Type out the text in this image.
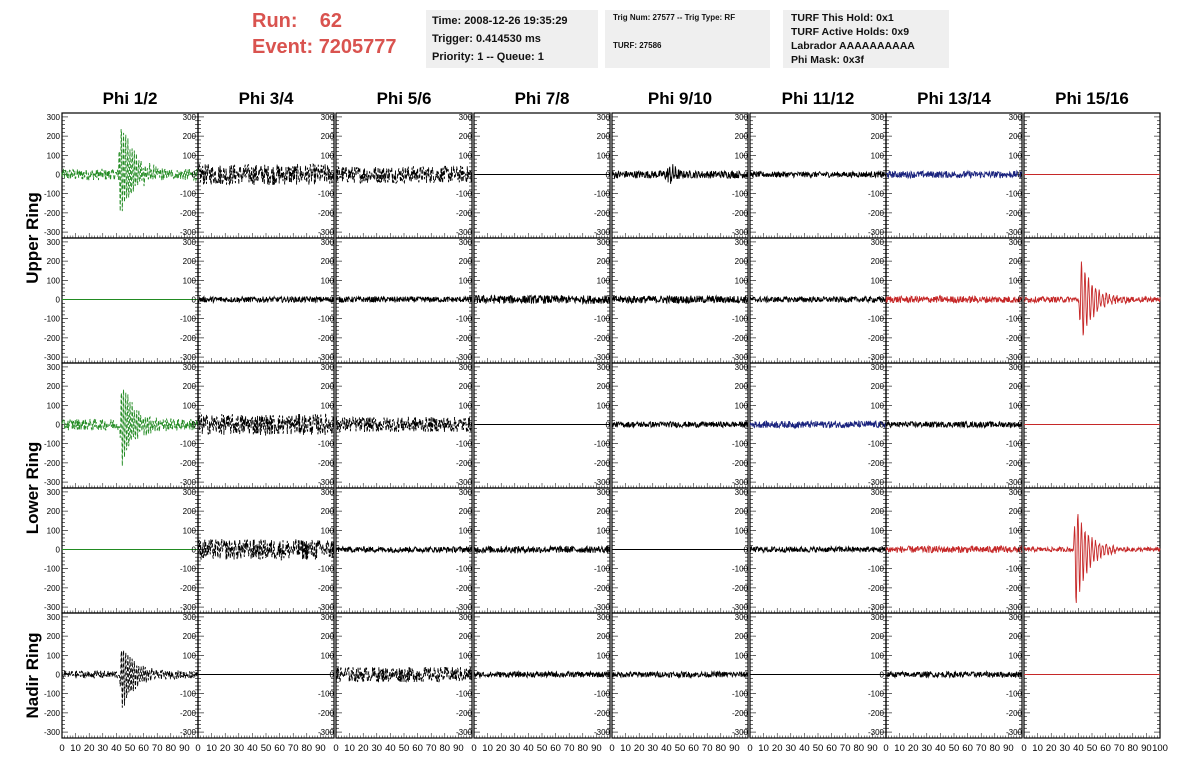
Run: 62
Event: 7205777
Time: 2008-12-26 19:35:29
Trigger: 0.414530 ms
Priority: 1 -- Queue: 1
Trig Num: 27577 -- Trig Type: RF
TURF: 27586
TURF This Hold: 0x1
TURF Active Holds: 0x9
Labrador AAAAAAAAAA
Phi Mask: 0x3f
Phi 1/2	Phi 3/4	Phi 5/6	Phi 7/8	Phi 9/10	Phi 11/12	Phi 13/14	Phi 15/16
Upper Ring
Lower Ring
Nadir Ring
300
200
100
0
-100
-200
-300
300
200
100
0
-100
-200
-300
300
200
100
0
-100
-200
-300
300
200
100
0
-100
-200
-300
300
200
100
0
-100
-200
-300
300
200
100
0
-100
-200
-300
300
200
100
0
-100
-200
-300
300
200
100
0
-100
-200
-300
300
200
100
0
-100
-200
-300
300
200
100
0
-100
-200
-300
300
200
100
0
-100
-200
-300
300
200
100
0
-100
-200
-300
300
200
100
0
-100
-200
-300
300
200
100
0
-100
-200
-300
300
200
100
0
-100
-200
-300
300
200
100
0
-100
-200
-300
300
200
100
0
-100
-200
-300
300
200
100
0
-100
-200
-300
300
200
100
0
-100
-200
-300
300
200
100
0
-100
-200
-300
300
200
100
0
-100
-200
-300
300
200
100
0
-100
-200
-300
300
200
100
0
-100
-200
-300
300
200
100
0
-100
-200
-300
300
200
100
0
-100
-200
-300
300
200
100
0
-100
-200
-300
300
200
100
0
-100
-200
-300
300
200
100
0
-100
-200
-300
300
200
100
0
-100
-200
-300
300
200
100
0
-100
-200
-300
300
200
100
0
-100
-200
-300
300
200
100
0
-100
-200
-300
300
200
100
0
-100
-200
-300
300
200
100
0
-100
-200
-300
300
200
100
0
-100
-200
-300
300
200
100
0
-100
-200
-300
300
200
100
0
-100
-200
-300
300
200
100
0
-100
-200
-300
300
200
100
0
-100
-200
-300
300
200
100
0
-100
-200
-300
0 10 20 30 40 50 60 70 80 90 0 10 20 30 40 50 60 70 80 90 0 10 20 30 40 50 60 70 80 90 0 10 20 30 40 50 60 70 80 90 0 10 20 30 40 50 60 70 80 90 0 10 20 30 40 50 60 70 80 90 0 10 20 30 40 50 60 70 80 90 0 10 20 30 40 50 60 70 80 90 100
